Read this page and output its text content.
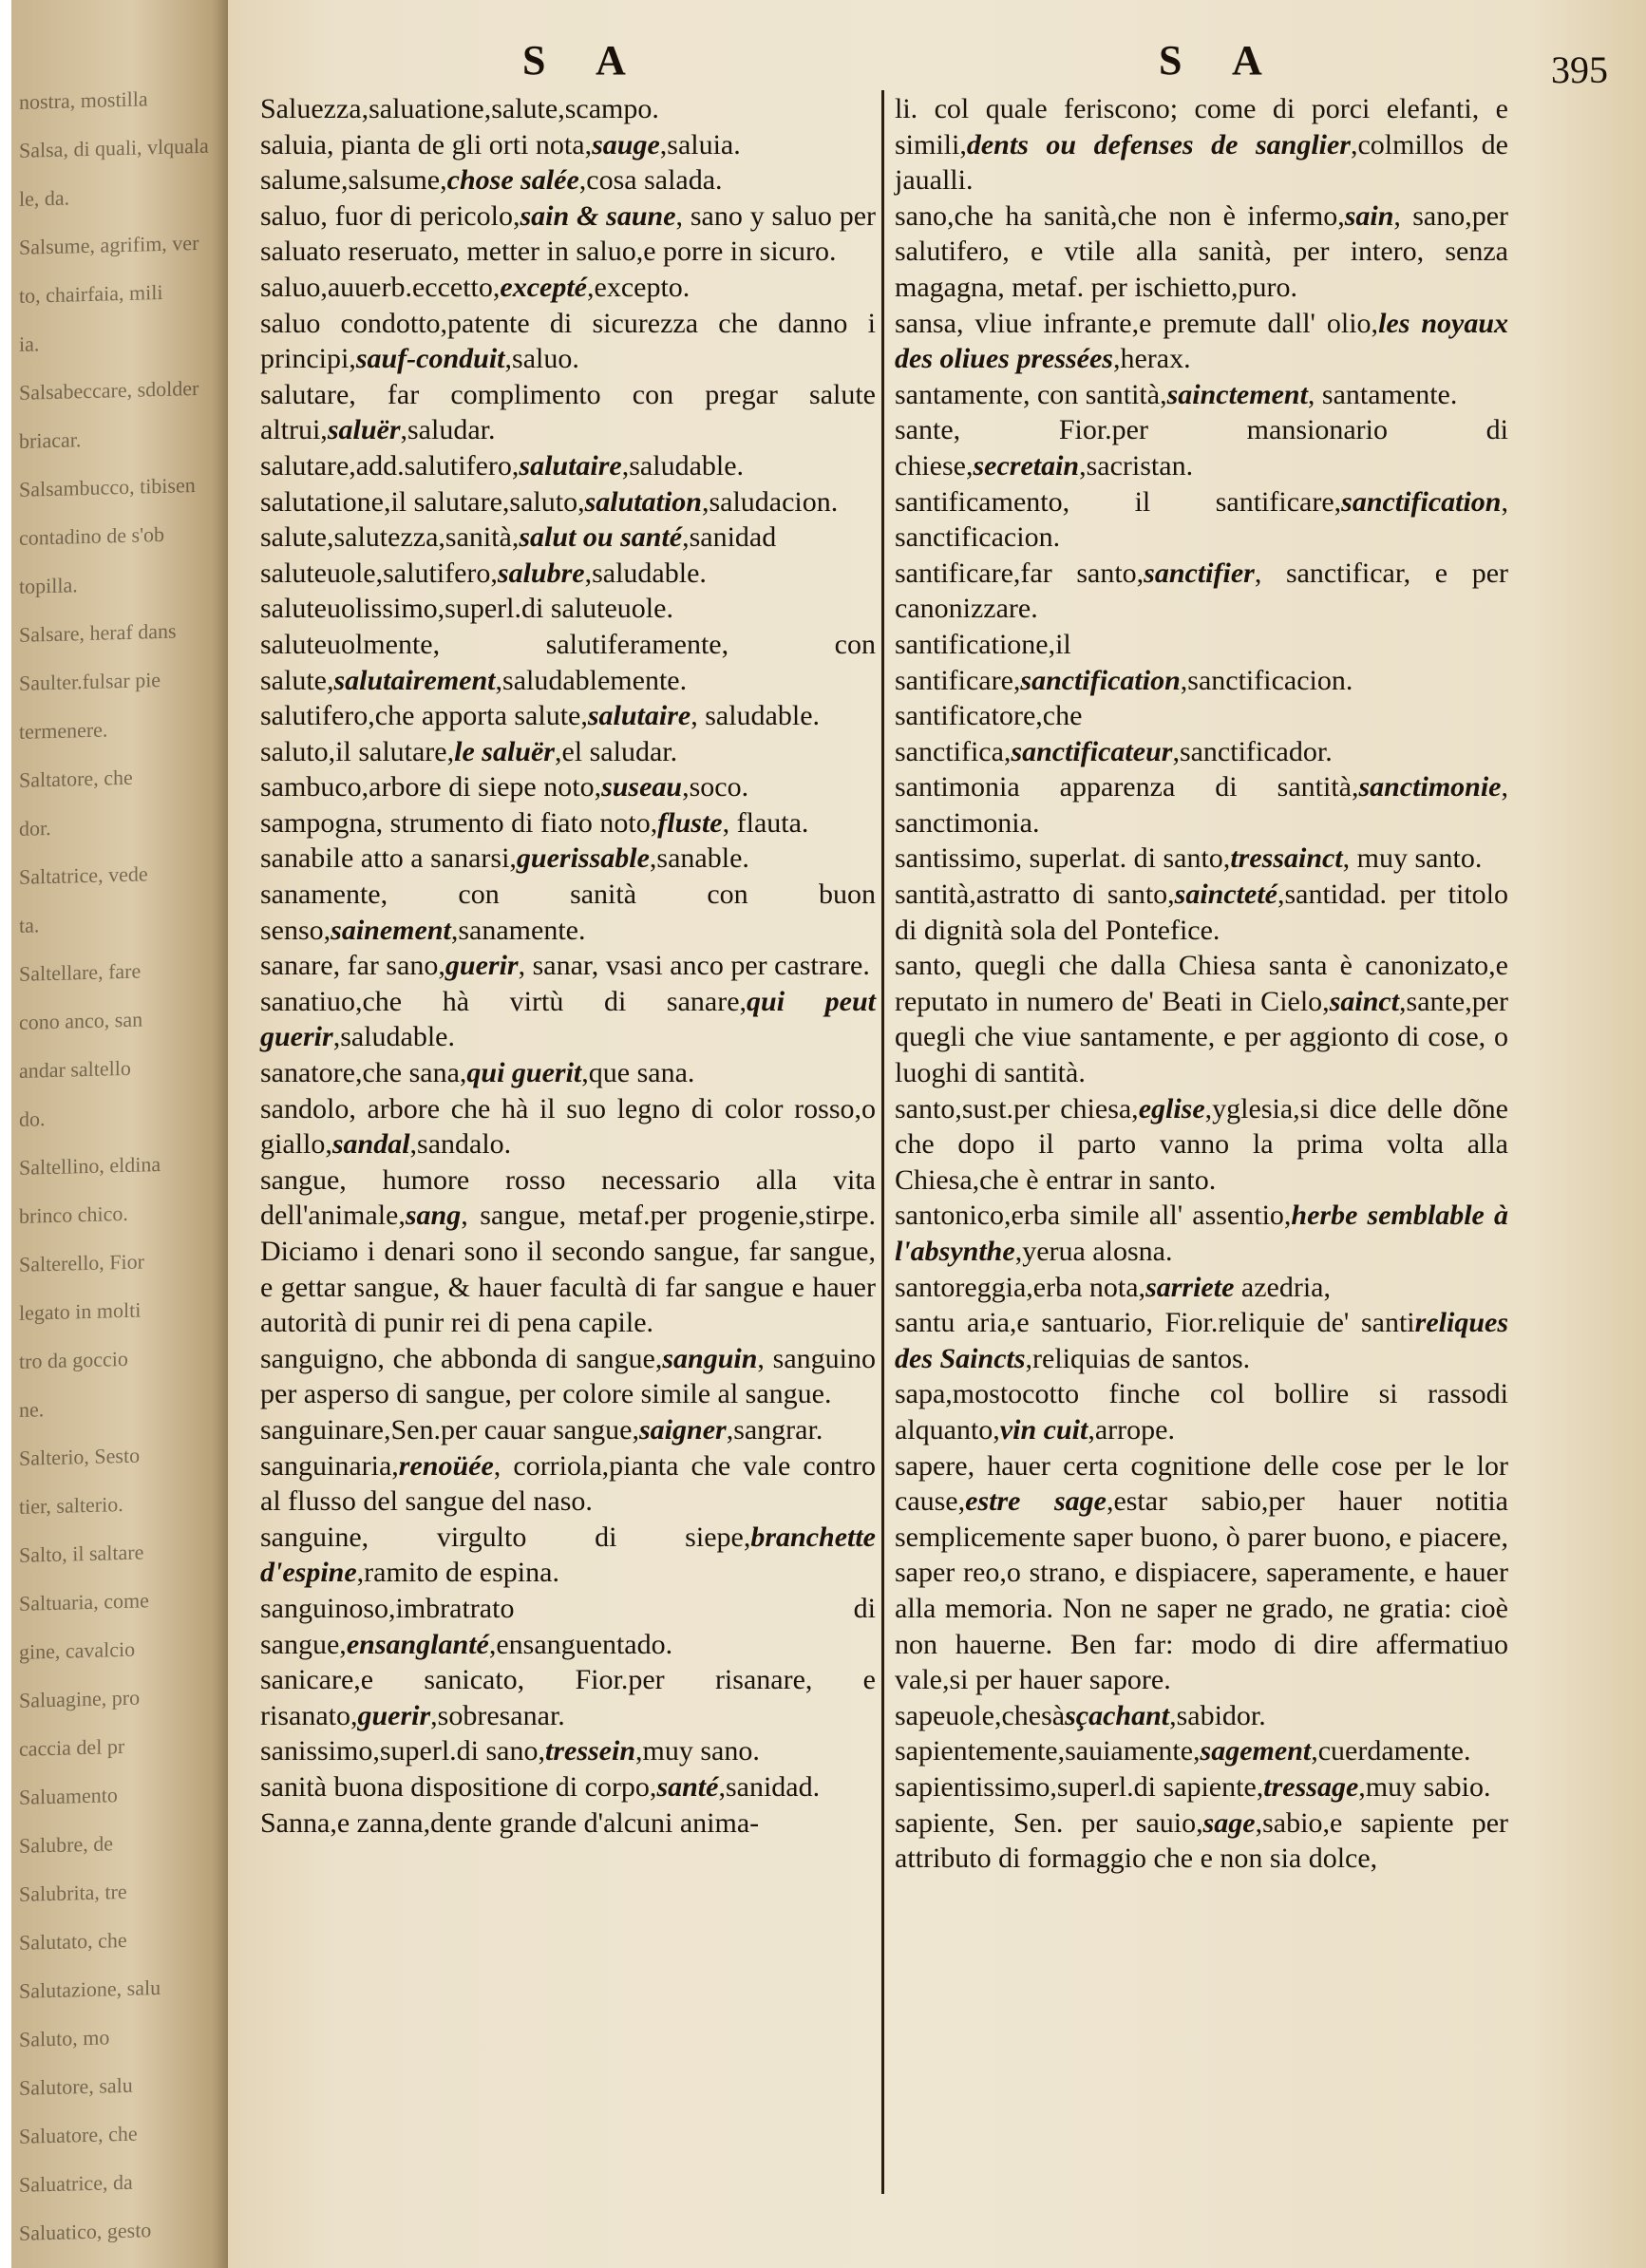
nostra, mostilla
Salsa, di quali, vlquala
le, da.
Salsume, agrifim, ver
to, chairfaia, mili
ia.
Salsabeccare, sdolder
briacar.
Salsambucco, tibisen
contadino de s'ob
topilla.
Salsare, heraf dans
Saulter.fulsar pie
termenere.
Saltatore, che
dor.
Saltatrice, vede
ta.
Saltellare, fare
cono anco, san
andar saltello
do.
Saltellino, eldina
brinco chico.
Salterello, Fior
legato in molti
tro da goccio
ne.
Salterio, Sesto
tier, salterio.
Salto, il saltare
Saltuaria, come
gine, cavalcio
Saluagine, pro
caccia del pr
Saluamento
Salubre, de
Salubrita, tre
Salutato, che
Salutazione, salu
Saluto, mo
Salutore, salu
Saluatore, che
Saluatrice, da
Saluatico, gesto
S A	S A	395
Saluezza,saluatione,salute,scampo.
saluia, pianta de gli orti nota,sauge,saluia.
salume,salsume,chose salée,cosa salada.
saluo, fuor di pericolo,sain & saune, sano y saluo per saluato reseruato, metter in saluo,e porre in sicuro.
saluo,auuerb.eccetto,excepté,excepto.
saluo condotto,patente di sicurezza che danno i principi,sauf-conduit,saluo.
salutare, far complimento con pregar salute altrui,saluër,saludar.
salutare,add.salutifero,salutaire,saludable.
salutatione,il salutare,saluto,salutation,saludacion.
salute,salutezza,sanità,salut ou santé,sanidad
saluteuole,salutifero,salubre,saludable.
saluteuolissimo,superl.di saluteuole.
saluteuolmente, salutiferamente, con salute,salutairement,saludablemente.
salutifero,che apporta salute,salutaire, saludable.
saluto,il salutare,le saluër,el saludar.
sambuco,arbore di siepe noto,suseau,soco.
sampogna, strumento di fiato noto,fluste, flauta.
sanabile atto a sanarsi,guerissable,sanable.
sanamente, con sanità con buon senso,sainement,sanamente.
sanare, far sano,guerir, sanar, vsasi anco per castrare.
sanatiuo,che hà virtù di sanare,qui peut guerir,saludable.
sanatore,che sana,qui guerit,que sana.
sandolo, arbore che hà il suo legno di color rosso,o giallo,sandal,sandalo.
sangue, humore rosso necessario alla vita dell'animale,sang, sangue, metaf.per progenie,stirpe. Diciamo i denari sono il secondo sangue, far sangue, e gettar sangue, & hauer facultà di far sangue e hauer autorità di punir rei di pena capile.
sanguigno, che abbonda di sangue,sanguin, sanguino per asperso di sangue, per colore simile al sangue.
sanguinare,Sen.per cauar sangue,saigner,sangrar.
sanguinaria,renoüée, corriola,pianta che vale contro al flusso del sangue del naso.
sanguine, virgulto di siepe,branchette d'espine,ramito de espina.
sanguinoso,imbratrato di sangue,ensanglanté,ensanguentado.
sanicare,e sanicato, Fior.per risanare, e risanato,guerir,sobresanar.
sanissimo,superl.di sano,tressein,muy sano.
sanità buona dispositione di corpo,santé,sanidad.
Sanna,e zanna,dente grande d'alcuni anima-
li. col quale feriscono; come di porci elefanti, e simili,dents ou defenses de sanglier,colmillos de jaualli.
sano,che ha sanità,che non è infermo,sain, sano,per salutifero, e vtile alla sanità, per intero, senza magagna, metaf. per ischietto,puro.
sansa, vliue infrante,e premute dall' olio,les noyaux des oliues pressées,herax.
santamente, con santità,sainctement, santamente.
sante, Fior.per mansionario di chiese,secretain,sacristan.
santificamento, il santificare,sanctification, sanctificacion.
santificare,far santo,sanctifier, sanctificar, e per canonizzare.
santificatione,il santificare,sanctification,sanctificacion.
santificatore,che sanctifica,sanctificateur,sanctificador.
santimonia apparenza di santità,sanctimonie, sanctimonia.
santissimo, superlat. di santo,tressainct, muy santo.
santità,astratto di santo,saincteté,santidad. per titolo di dignità sola del Pontefice.
santo, quegli che dalla Chiesa santa è canonizato,e reputato in numero de' Beati in Cielo,sainct,sante,per quegli che viue santamente, e per aggionto di cose, o luoghi di santità.
santo,sust.per chiesa,eglise,yglesia,si dice delle dõne che dopo il parto vanno la prima volta alla Chiesa,che è entrar in santo.
santonico,erba simile all' assentio,herbe semblable à l'absynthe,yerua alosna.
santoreggia,erba nota,sarriete azedria,
santu aria,e santuario, Fior.reliquie de' santireliques des Saincts,reliquias de santos.
sapa,mostocotto finche col bollire si rassodi alquanto,vin cuit,arrope.
sapere, hauer certa cognitione delle cose per le lor cause,estre sage,estar sabio,per hauer notitia semplicemente saper buono, ò parer buono, e piacere, saper reo,o strano, e dispiacere, saperamente, e hauer alla memoria. Non ne saper ne grado, ne gratia: cioè non hauerne. Ben far: modo di dire affermatiuo vale,si per hauer sapore.
sapeuole,chesàsçachant,sabidor.
sapientemente,sauiamente,sagement,cuerdamente.
sapientissimo,superl.di sapiente,tressage,muy sabio.
sapiente, Sen. per sauio,sage,sabio,e sapiente per attributo di formaggio che e non sia dolce,
